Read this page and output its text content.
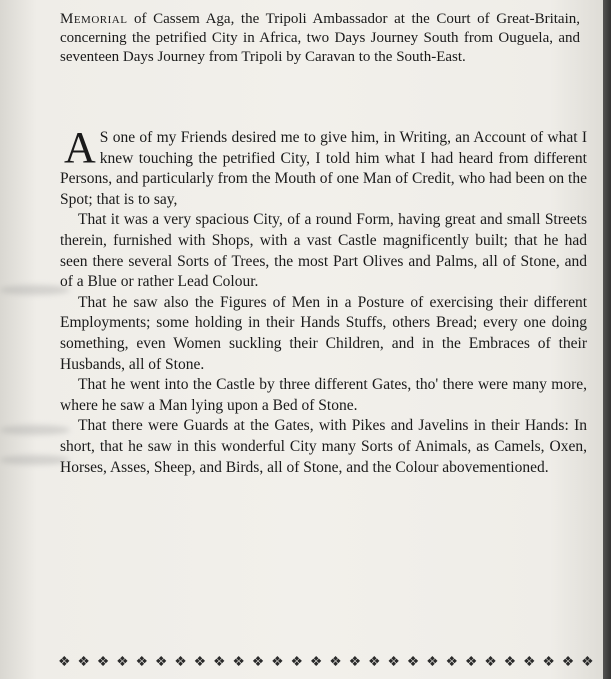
Memorial of Cassem Aga, the Tripoli Ambassador at the Court of Great-Britain, concerning the petrified City in Africa, two Days Journey South from Ouguela, and seventeen Days Journey from Tripoli by Caravan to the South-East.

A S one of my Friends desired me to give him, in Writing, an Account of what I knew touching the petrified City, I told him what I had heard from different Persons, and particularly from the Mouth of one Man of Credit, who had been on the Spot; that is to say,

That it was a very spacious City, of a round Form, having great and small Streets therein, furnished with Shops, with a vast Castle magnificently built; that he had seen there several Sorts of Trees, the most Part Olives and Palms, all of Stone, and of a Blue or rather Lead Colour.

That he saw also the Figures of Men in a Posture of exercising their different Employments; some holding in their Hands Stuffs, others Bread; every one doing something, even Women suckling their Children, and in the Embraces of their Husbands, all of Stone.

That he went into the Castle by three different Gates, tho' there were many more, where he saw a Man lying upon a Bed of Stone.

That there were Guards at the Gates, with Pikes and Javelins in their Hands: In short, that he saw in this wonderful City many Sorts of Animals, as Camels, Oxen, Horses, Asses, Sheep, and Birds, all of Stone, and the Colour abovementioned.

❖ ❖ ❖ ❖ ❖ ❖ ❖ ❖ ❖ ❖ ❖ ❖ ❖ ❖ ❖ ❖ ❖ ❖ ❖ ❖ ❖ ❖ ❖ ❖ ❖ ❖ ❖ ❖
